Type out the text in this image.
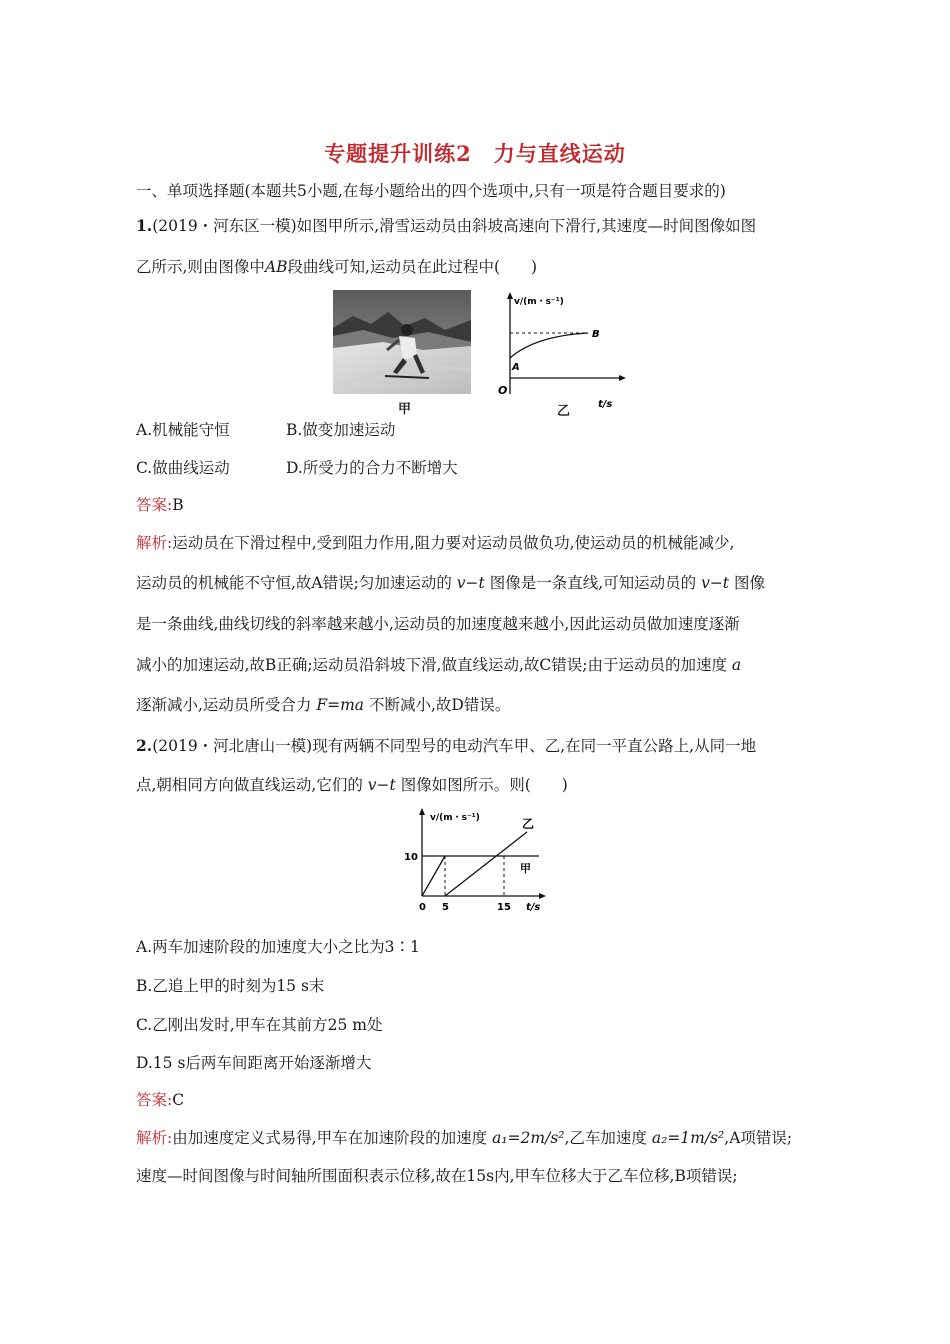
专题提升训练2　力与直线运动
一、单项选择题(本题共5小题,在每小题给出的四个选项中,只有一项是符合题目要求的)
1.(2019・河东区一模)如图甲所示,滑雪运动员由斜坡高速向下滑行,其速度—时间图像如图
乙所示,则由图像中AB段曲线可知,运动员在此过程中(　　)
甲
v/(m・s⁻¹)
t/s
O
A
B
乙
A.机械能守恒	B.做变加速运动
C.做曲线运动	D.所受力的合力不断增大
答案:B
解析:运动员在下滑过程中,受到阻力作用,阻力要对运动员做负功,使运动员的机械能减少,
运动员的机械能不守恒,故A错误;匀加速运动的 v−t 图像是一条直线,可知运动员的 v−t 图像
是一条曲线,曲线切线的斜率越来越小,运动员的加速度越来越小,因此运动员做加速度逐渐
减小的加速运动,故B正确;运动员沿斜坡下滑,做直线运动,故C错误;由于运动员的加速度 a
逐渐减小,运动员所受合力 F=ma 不断减小,故D错误。
2.(2019・河北唐山一模)现有两辆不同型号的电动汽车甲、乙,在同一平直公路上,从同一地
点,朝相同方向做直线运动,它们的 v−t 图像如图所示。则(　　)
v/(m・s⁻¹)
t/s
10
0 5	15
乙
甲
A.两车加速阶段的加速度大小之比为3∶1
B.乙追上甲的时刻为15 s末
C.乙刚出发时,甲车在其前方25 m处
D.15 s后两车间距离开始逐渐增大
答案:C
解析:由加速度定义式易得,甲车在加速阶段的加速度 a₁=2m/s²,乙车加速度 a₂=1m/s²,A项错误;
速度—时间图像与时间轴所围面积表示位移,故在15s内,甲车位移大于乙车位移,B项错误;
